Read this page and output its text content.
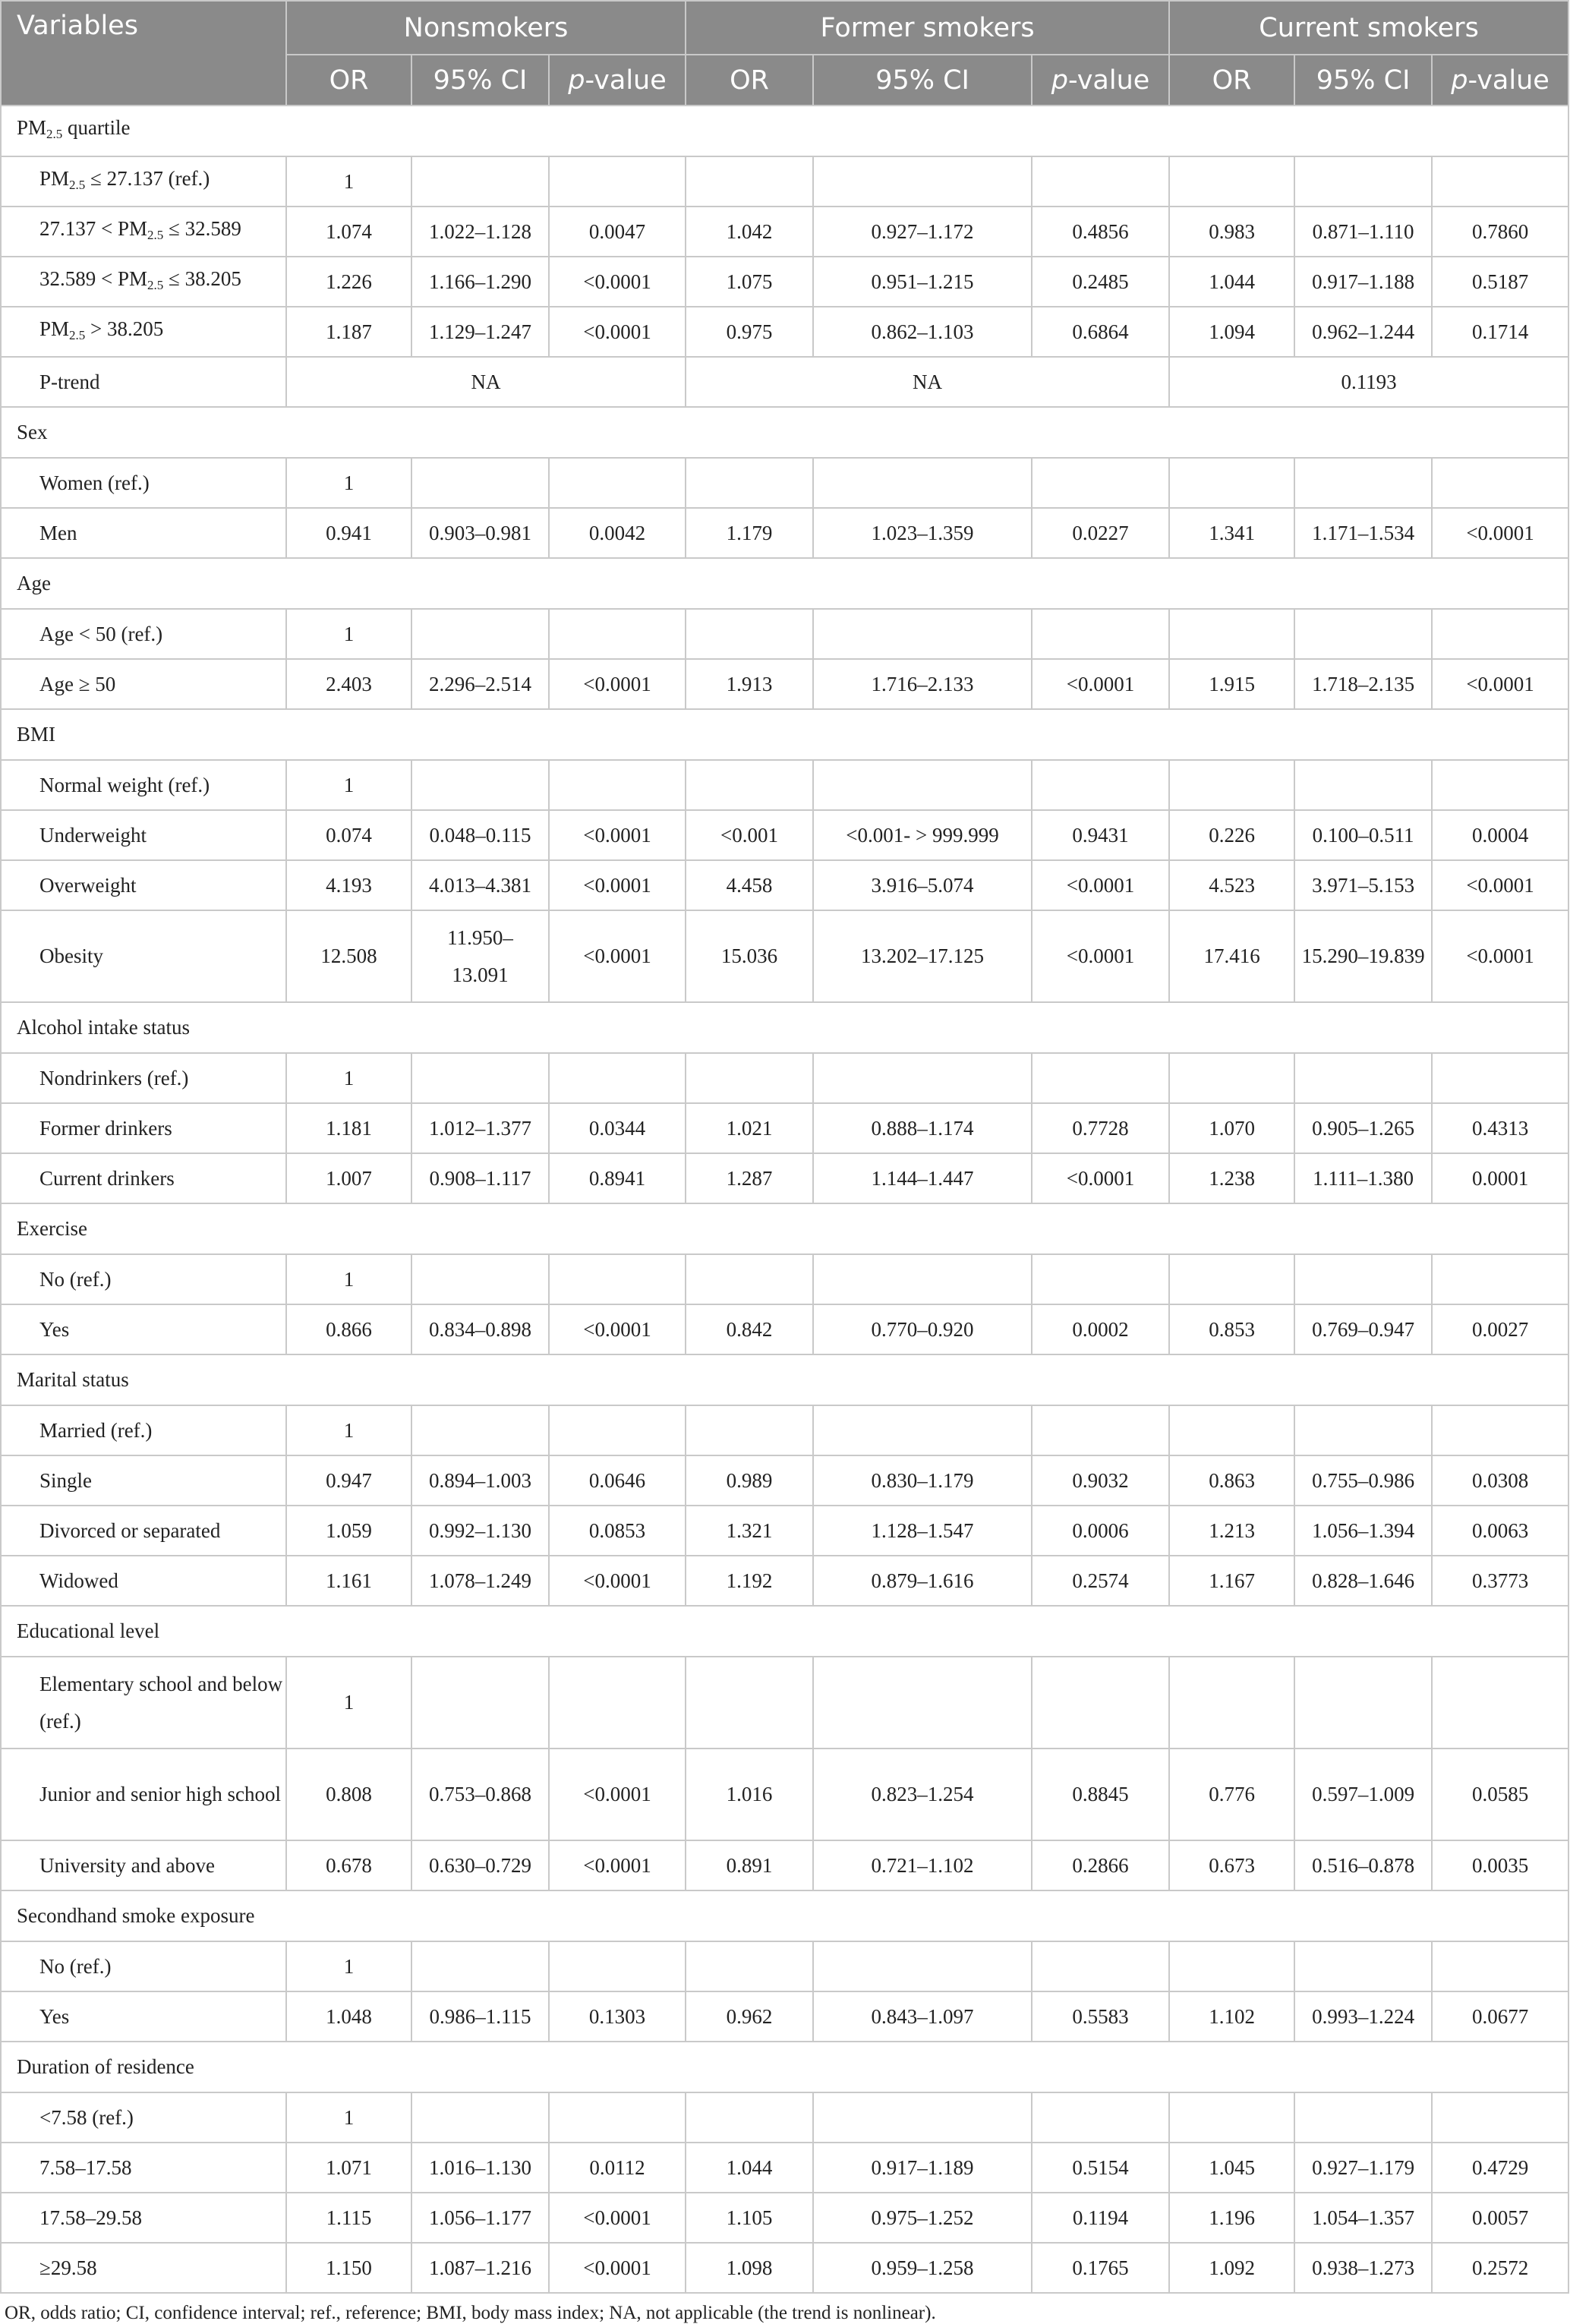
Variables	Nonsmokers			Former smokers			Current smokers		
	OR	95% CI	p-value	OR	95% CI	p-value	OR	95% CI	p-value
$PM_{2.5}$ quartile									
$PM_{2.5} \le 27.137$ (ref.)	1								
$27.137 < PM_{2.5} \le 32.589$	1.074	1.022–1.128	0.0047	1.042	0.927–1.172	0.4856	0.983	0.871–1.110	0.7860
$32.589 < PM_{2.5} \le 38.205$	1.226	1.166–1.290	<0.0001	1.075	0.951–1.215	0.2485	1.044	0.917–1.188	0.5187
$PM_{2.5} > 38.205$	1.187	1.129–1.247	<0.0001	0.975	0.862–1.103	0.6864	1.094	0.962–1.244	0.1714
P-trend	NA			NA			0.1193		
Sex									
Women (ref.)	1								
Men	0.941	0.903–0.981	0.0042	1.179	1.023–1.359	0.0227	1.341	1.171–1.534	<0.0001
Age									
Age < 50 (ref.)	1								
Age ≥ 50	2.403	2.296–2.514	<0.0001	1.913	1.716–2.133	<0.0001	1.915	1.718–2.135	<0.0001
BMI									
Normal weight (ref.)	1								
Underweight	0.074	0.048–0.115	<0.0001	<0.001	<0.001- > 999.999	0.9431	0.226	0.100–0.511	0.0004
Overweight	4.193	4.013–4.381	<0.0001	4.458	3.916–5.074	<0.0001	4.523	3.971–5.153	<0.0001
Obesity	12.508	11.950–13.091	<0.0001	15.036	13.202–17.125	<0.0001	17.416	15.290–19.839	<0.0001
Alcohol intake status									
Nondrinkers (ref.)	1								
Former drinkers	1.181	1.012–1.377	0.0344	1.021	0.888–1.174	0.7728	1.070	0.905–1.265	0.4313
Current drinkers	1.007	0.908–1.117	0.8941	1.287	1.144–1.447	<0.0001	1.238	1.111–1.380	0.0001
Exercise									
No (ref.)	1								
Yes	0.866	0.834–0.898	<0.0001	0.842	0.770–0.920	0.0002	0.853	0.769–0.947	0.0027
Marital status									
Married (ref.)	1								
Single	0.947	0.894–1.003	0.0646	0.989	0.830–1.179	0.9032	0.863	0.755–0.986	0.0308
Divorced or separated	1.059	0.992–1.130	0.0853	1.321	1.128–1.547	0.0006	1.213	1.056–1.394	0.0063
Widowed	1.161	1.078–1.249	<0.0001	1.192	0.879–1.616	0.2574	1.167	0.828–1.646	0.3773
Educational level									
Elementary school and below (ref.)	1								
Junior and senior high school	0.808	0.753–0.868	<0.0001	1.016	0.823–1.254	0.8845	0.776	0.597–1.009	0.0585
University and above	0.678	0.630–0.729	<0.0001	0.891	0.721–1.102	0.2866	0.673	0.516–0.878	0.0035
Secondhand smoke exposure									
No (ref.)	1								
Yes	1.048	0.986–1.115	0.1303	0.962	0.843–1.097	0.5583	1.102	0.993–1.224	0.0677
Duration of residence									
<7.58 (ref.)	1								
7.58–17.58	1.071	1.016–1.130	0.0112	1.044	0.917–1.189	0.5154	1.045	0.927–1.179	0.4729
17.58–29.58	1.115	1.056–1.177	<0.0001	1.105	0.975–1.252	0.1194	1.196	1.054–1.357	0.0057
≥29.58	1.150	1.087–1.216	<0.0001	1.098	0.959–1.258	0.1765	1.092	0.938–1.273	0.2572
OR, odds ratio; CI, confidence interval; ref., reference; BMI, body mass index; NA, not applicable (the trend is nonlinear).
